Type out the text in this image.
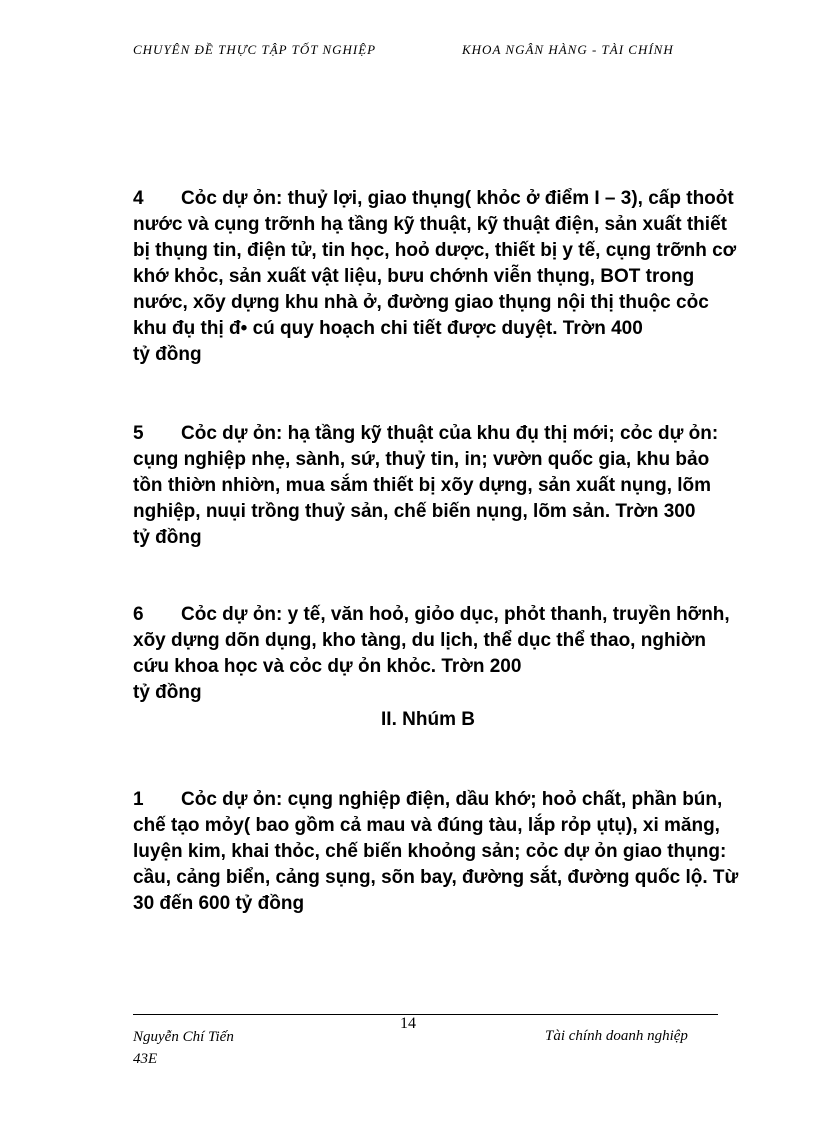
CHUYÊN ĐỀ THỰC TẬP TỐT NGHIỆP	KHOA NGÂN HÀNG - TÀI CHÍNH

4 Cỏc dự ỏn: thuỷ lợi, giao thụng( khỏc ở điểm I – 3), cấp thoỏt nước và cụng trỡnh hạ tầng kỹ thuật, kỹ thuật điện, sản xuất thiết bị thụng tin, điện tử, tin học, hoỏ dược, thiết bị y tế, cụng trỡnh cơ khớ khỏc, sản xuất vật liệu, bưu chớnh viễn thụng, BOT trong nước, xõy dựng khu nhà ở, đường giao thụng nội thị thuộc cỏc khu đụ thị đ• cú quy hoạch chi tiết được duyệt. Trờn 400

tỷ đồng

5 Cỏc dự ỏn: hạ tầng kỹ thuật của khu đụ thị mới; cỏc dự ỏn: cụng nghiệp nhẹ, sành, sứ, thuỷ tin, in; vườn quốc gia, khu bảo tồn thiờn nhiờn, mua sắm thiết bị xõy dựng, sản xuất nụng, lõm nghiệp, nuụi trồng thuỷ sản, chế biến nụng, lõm sản. Trờn 300

tỷ đồng

6 Cỏc dự ỏn: y tế, văn hoỏ, giỏo dục, phỏt thanh, truyền hỡnh, xõy dựng dõn dụng, kho tàng, du lịch, thể dục thể thao, nghiờn cứu khoa học và cỏc dự ỏn khỏc. Trờn 200

tỷ đồng

II. Nhúm B

1 Cỏc dự ỏn: cụng nghiệp điện, dầu khớ; hoỏ chất, phần bún, chế tạo mỏy( bao gồm cả mau và đúng tàu, lắp rỏp ụtụ), xi măng, luyện kim, khai thỏc, chế biến khoỏng sản; cỏc dự ỏn giao thụng: cầu, cảng biển, cảng sụng, sõn bay, đường sắt, đường quốc lộ. Từ 30 đến 600 tỷ đồng

14
Nguyễn Chí Tiến
43E
Tài chính doanh nghiệp
